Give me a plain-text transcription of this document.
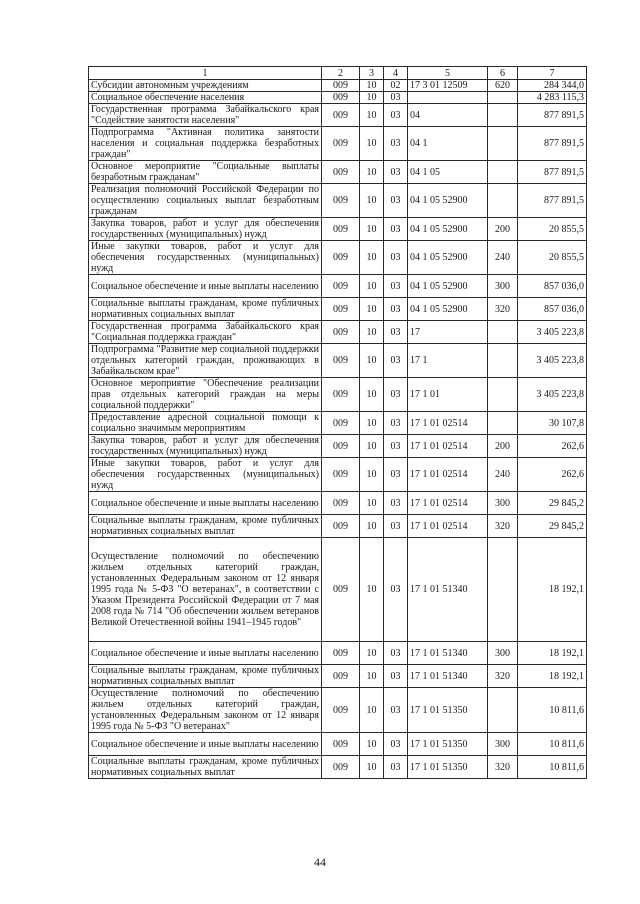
1	2	3	4	5	6	7
Субсидии автономным учреждениям	009	10	02	17 3 01 12509	620	284 344,0
Социальное обеспечение населения	009	10	03			4 283 115,3
Государственная программа Забайкальского края "Содействие занятости населения"	009	10	03	04		877 891,5
Подпрограмма "Активная политика занятости населения и социальная поддержка безработных граждан"	009	10	03	04 1		877 891,5
Основное мероприятие "Социальные выплаты безработным гражданам"	009	10	03	04 1 05		877 891,5
Реализация полномочий Российской Федерации по осуществлению социальных выплат безработным гражданам	009	10	03	04 1 05 52900		877 891,5
Закупка товаров, работ и услуг для обеспечения государственных (муниципальных) нужд	009	10	03	04 1 05 52900	200	20 855,5
Иные закупки товаров, работ и услуг для обеспечения государственных (муниципальных) нужд	009	10	03	04 1 05 52900	240	20 855,5
Социальное обеспечение и иные выплаты населению	009	10	03	04 1 05 52900	300	857 036,0
Социальные выплаты гражданам, кроме публичных нормативных социальных выплат	009	10	03	04 1 05 52900	320	857 036,0
Государственная программа Забайкальского края "Социальная поддержка граждан"	009	10	03	17		3 405 223,8
Подпрограмма "Развитие мер социальной поддержки отдельных категорий граждан, проживающих в Забайкальском крае"	009	10	03	17 1		3 405 223,8
Основное мероприятие "Обеспечение реализации прав отдельных категорий граждан на меры социальной поддержки"	009	10	03	17 1 01		3 405 223,8
Предоставление адресной социальной помощи к социально значимым мероприятиям	009	10	03	17 1 01 02514		30 107,8
Закупка товаров, работ и услуг для обеспечения государственных (муниципальных) нужд	009	10	03	17 1 01 02514	200	262,6
Иные закупки товаров, работ и услуг для обеспечения государственных (муниципальных) нужд	009	10	03	17 1 01 02514	240	262,6
Социальное обеспечение и иные выплаты населению	009	10	03	17 1 01 02514	300	29 845,2
Социальные выплаты гражданам, кроме публичных нормативных социальных выплат	009	10	03	17 1 01 02514	320	29 845,2
Осуществление полномочий по обеспечению жильем отдельных категорий граждан, установленных Федеральным законом от 12 января 1995 года № 5-ФЗ "О ветеранах", в соответствии с Указом Президента Российской Федерации от 7 мая 2008 года № 714 "Об обеспечении жильем ветеранов Великой Отечественной войны 1941–1945 годов"	009	10	03	17 1 01 51340		18 192,1
Социальное обеспечение и иные выплаты населению	009	10	03	17 1 01 51340	300	18 192,1
Социальные выплаты гражданам, кроме публичных нормативных социальных выплат	009	10	03	17 1 01 51340	320	18 192,1
Осуществление полномочий по обеспечению жильем отдельных категорий граждан, установленных Федеральным законом от 12 января 1995 года № 5-ФЗ "О ветеранах"	009	10	03	17 1 01 51350		10 811,6
Социальное обеспечение и иные выплаты населению	009	10	03	17 1 01 51350	300	10 811,6
Социальные выплаты гражданам, кроме публичных нормативных социальных выплат	009	10	03	17 1 01 51350	320	10 811,6
44
